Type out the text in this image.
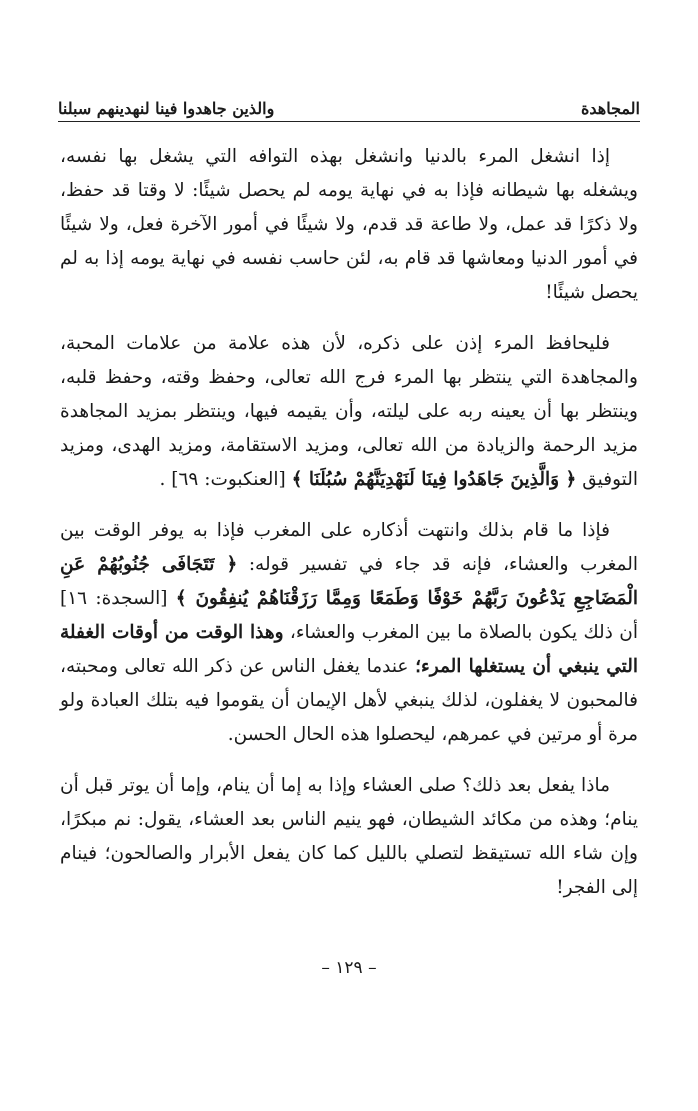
المجاهدة
والذين جاهدوا فينا لنهدينهم سبلنا

إذا انشغل المرء بالدنيا وانشغل بهذه التوافه التي يشغل بها نفسه، ويشغله بها شيطانه فإذا به في نهاية يومه لم يحصل شيئًا: لا وقتا قد حفظ، ولا ذكرًا قد عمل، ولا طاعة قد قدم، ولا شيئًا في أمور الآخرة فعل، ولا شيئًا في أمور الدنيا ومعاشها قد قام به، لئن حاسب نفسه في نهاية يومه إذا به لم يحصل شيئًا!

فليحافظ المرء إذن على ذكره، لأن هذه علامة من علامات المحبة، والمجاهدة التي ينتظر بها المرء فرج الله تعالى، وحفظ وقته، وحفظ قلبه، وينتظر بها أن يعينه ربه على ليلته، وأن يقيمه فيها، وينتظر بمزيد المجاهدة مزيد الرحمة والزيادة من الله تعالى، ومزيد الاستقامة، ومزيد الهدى، ومزيد التوفيق ﴿ وَالَّذِينَ جَاهَدُوا فِينَا لَنَهْدِيَنَّهُمْ سُبُلَنَا ﴾ [العنكبوت: ٦٩] .

فإذا ما قام بذلك وانتهت أذكاره على المغرب فإذا به يوفر الوقت بين المغرب والعشاء، فإنه قد جاء في تفسير قوله: ﴿ تَتَجَافَى جُنُوبُهُمْ عَنِ الْمَضَاجِعِ يَدْعُونَ رَبَّهُمْ خَوْفًا وَطَمَعًا وَمِمَّا رَزَقْنَاهُمْ يُنفِقُونَ ﴾ [السجدة: ١٦] أن ذلك يكون بالصلاة ما بين المغرب والعشاء، وهذا الوقت من أوقات الغفلة التي ينبغي أن يستغلها المرء؛ عندما يغفل الناس عن ذكر الله تعالى ومحبته، فالمحبون لا يغفلون، لذلك ينبغي لأهل الإيمان أن يقوموا فيه بتلك العبادة ولو مرة أو مرتين في عمرهم، ليحصلوا هذه الحال الحسن.

ماذا يفعل بعد ذلك؟ صلى العشاء وإذا به إما أن ينام، وإما أن يوتر قبل أن ينام؛ وهذه من مكائد الشيطان، فهو ينيم الناس بعد العشاء، يقول: نم مبكرًا، وإن شاء الله تستيقظ لتصلي بالليل كما كان يفعل الأبرار والصالحون؛ فينام إلى الفجر!

– ١٢٩ –
